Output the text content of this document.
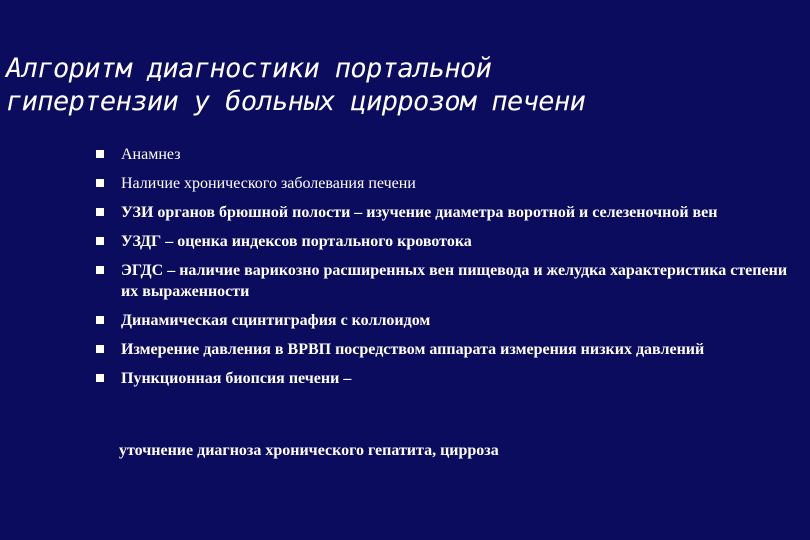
Алгоритм диагностики портальной
гипертензии у больных циррозом печени
Анамнез
Наличие хронического заболевания печени
УЗИ органов брюшной полости – изучение диаметра воротной и селезеночной вен
УЗДГ – оценка индексов портального кровотока
ЭГДС – наличие варикозно расширенных вен пищевода и желудка характеристика степени их выраженности
Динамическая сцинтиграфия с коллоидом
Измерение давления в ВРВП посредством аппарата измерения низких давлений
Пункционная биопсия печени –

уточнение диагноза хронического гепатита, цирроза
